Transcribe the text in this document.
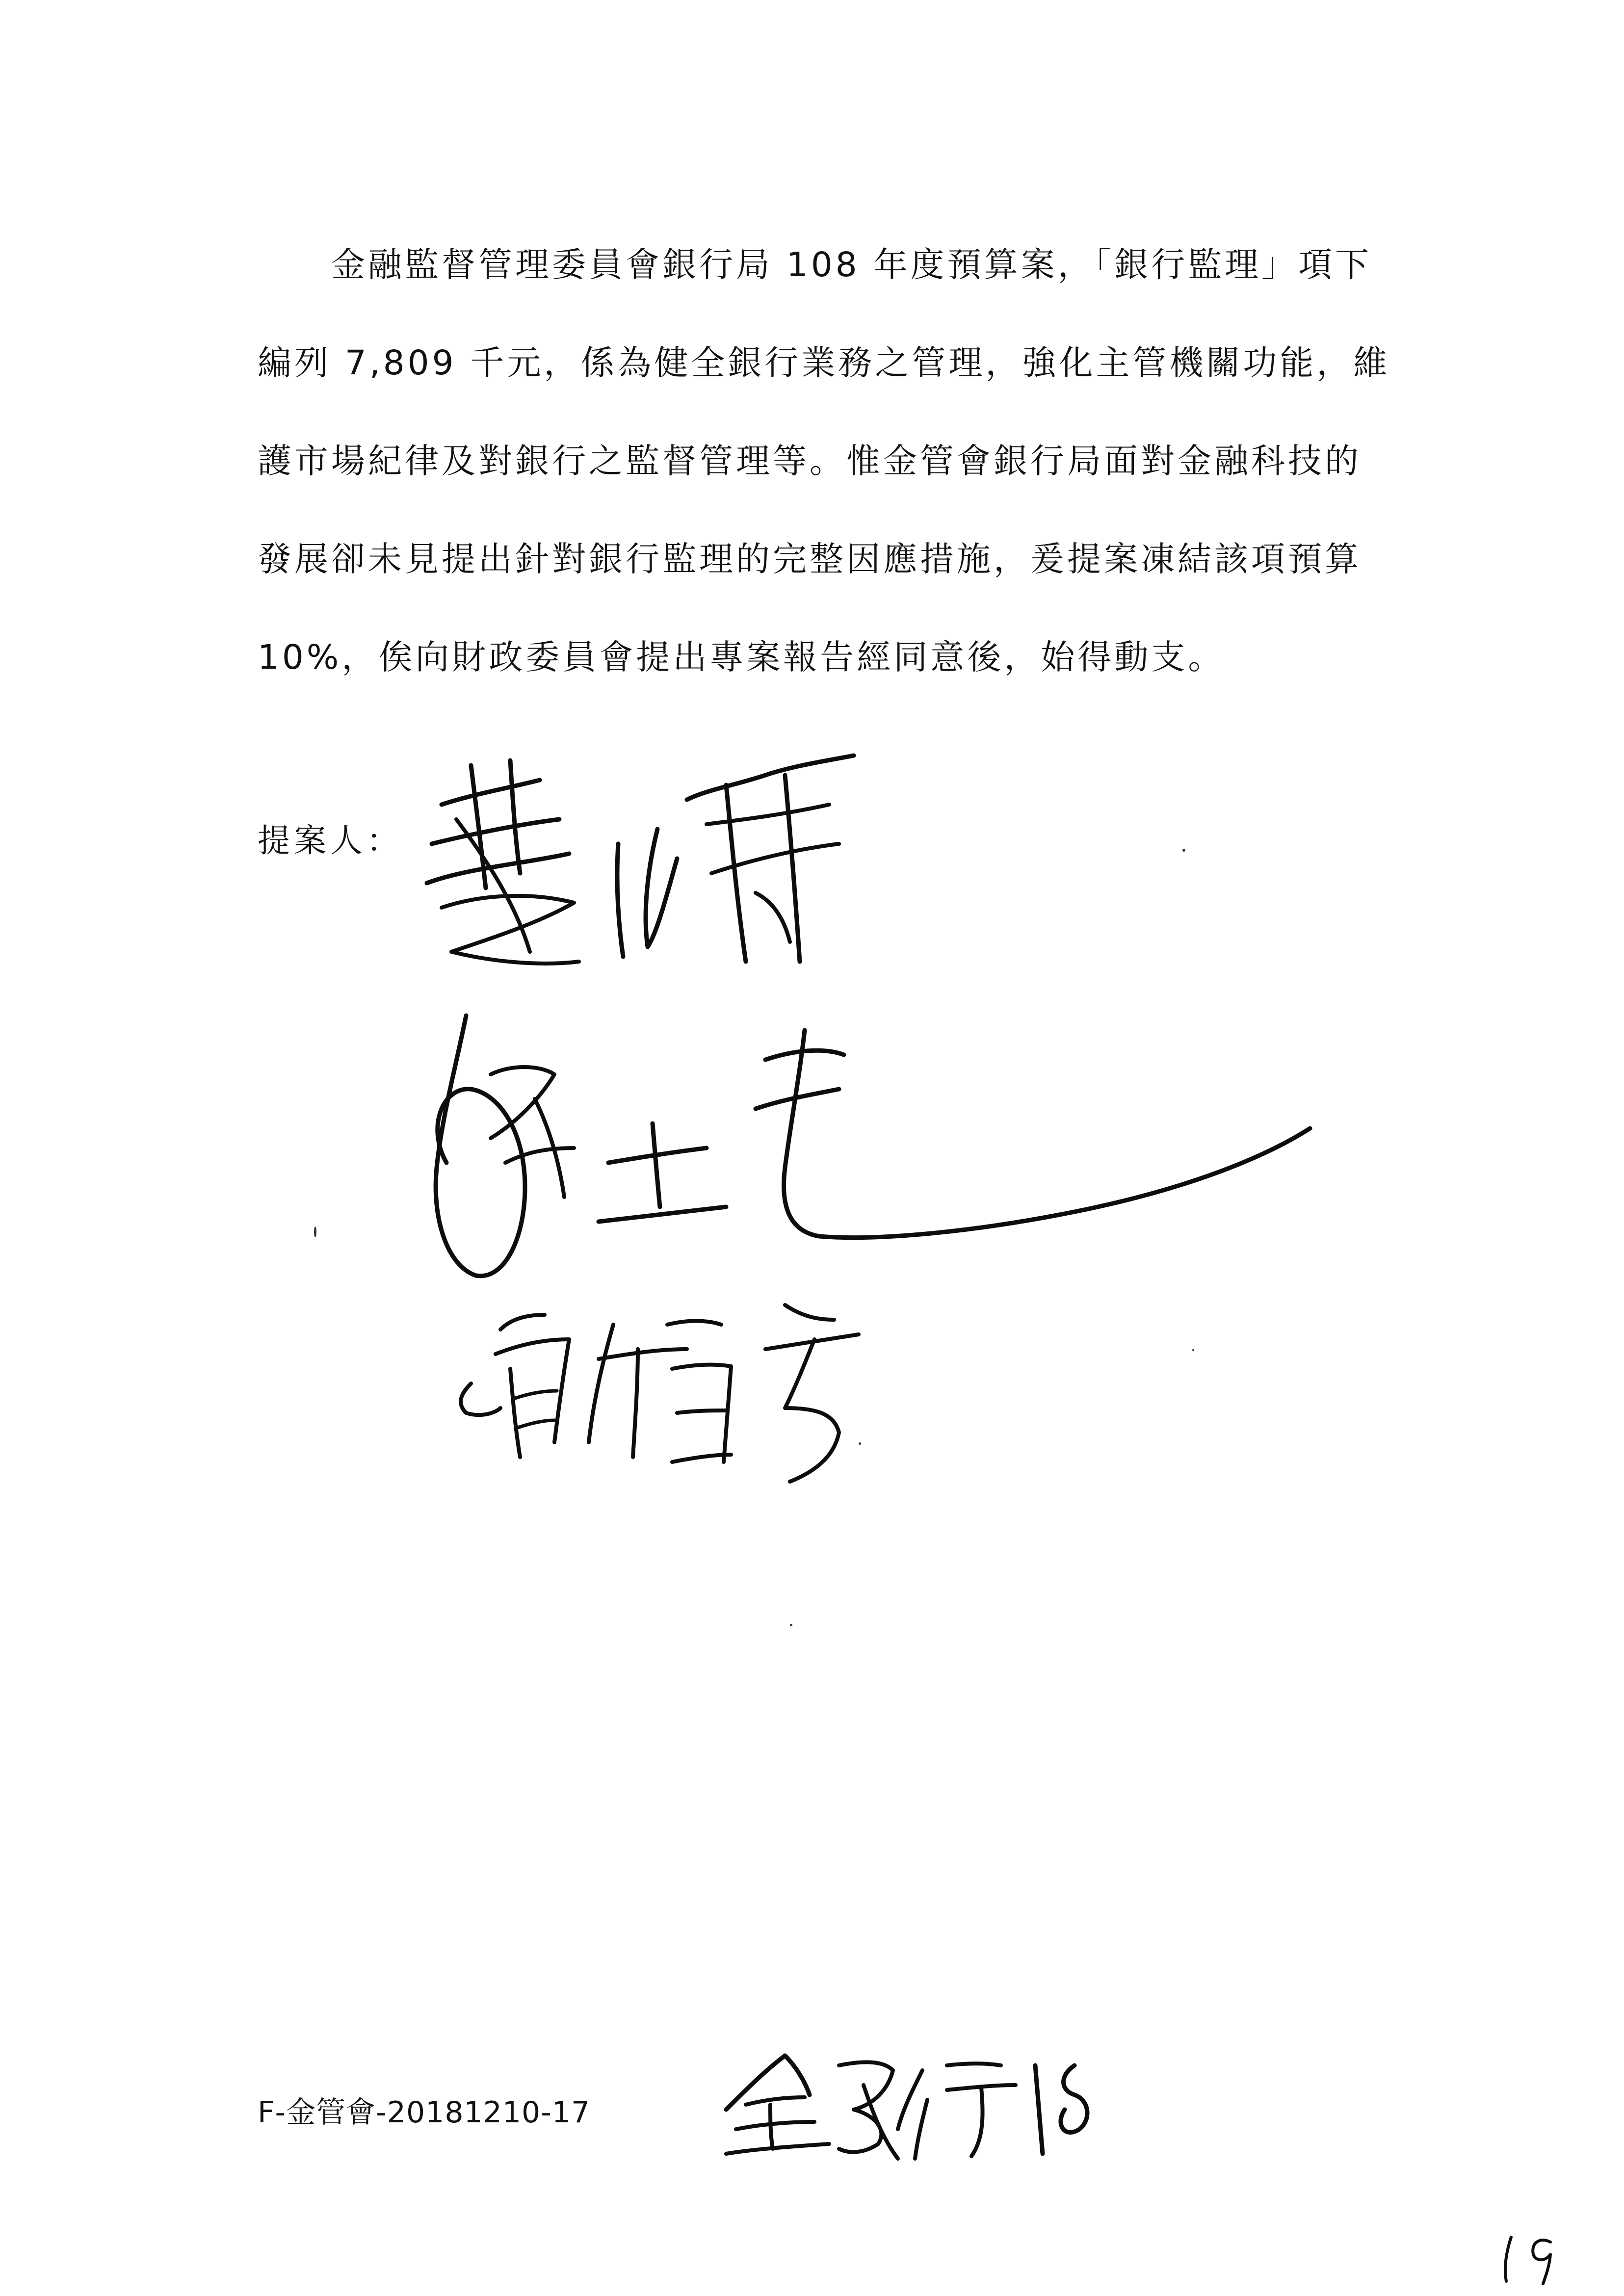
金融監督管理委員會銀行局 108 年度預算案，「銀行監理」項下
編列 7,809 千元，係為健全銀行業務之管理，強化主管機關功能，維
護市場紀律及對銀行之監督管理等。惟金管會銀行局面對金融科技的
發展卻未見提出針對銀行監理的完整因應措施，爰提案凍結該項預算
10%，俟向財政委員會提出專案報告經同意後，始得動支。
提案人：
F-金管會-20181210-17
